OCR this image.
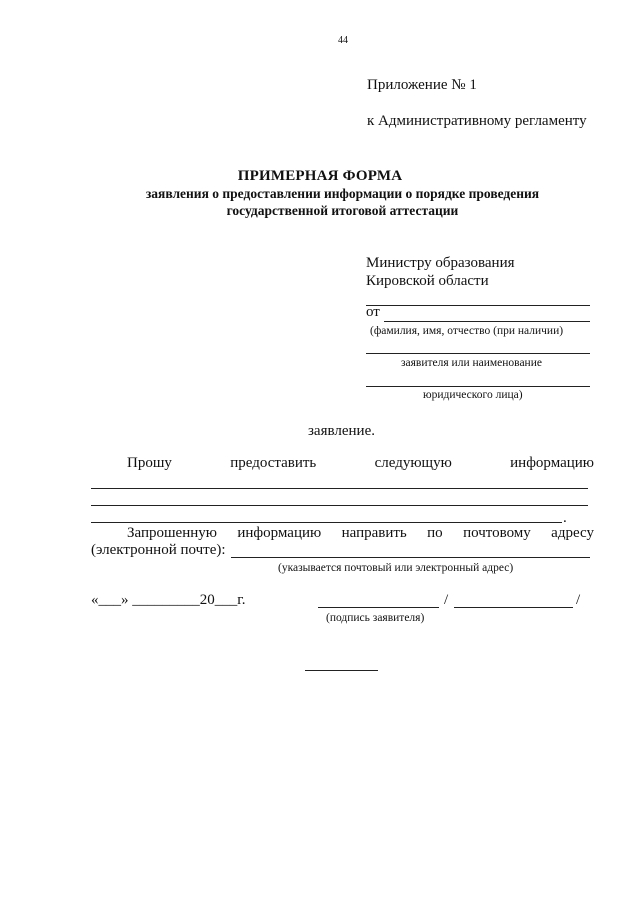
44
Приложение № 1
к Административному регламенту
ПРИМЕРНАЯ ФОРМА
заявления о предоставлении информации о порядке проведения
государственной итоговой аттестации
Министру образования
Кировской области
от
(фамилия, имя, отчество (при наличии)
заявителя или наименование
юридического лица)
заявление.
Прошу	предоставить	следующую	информацию
.
Запрошенную информацию направить по почтовому адресу
(электронной почте):
(указывается почтовый или электронный адрес)
«___» _________20___г.	/	/
(подпись заявителя)
